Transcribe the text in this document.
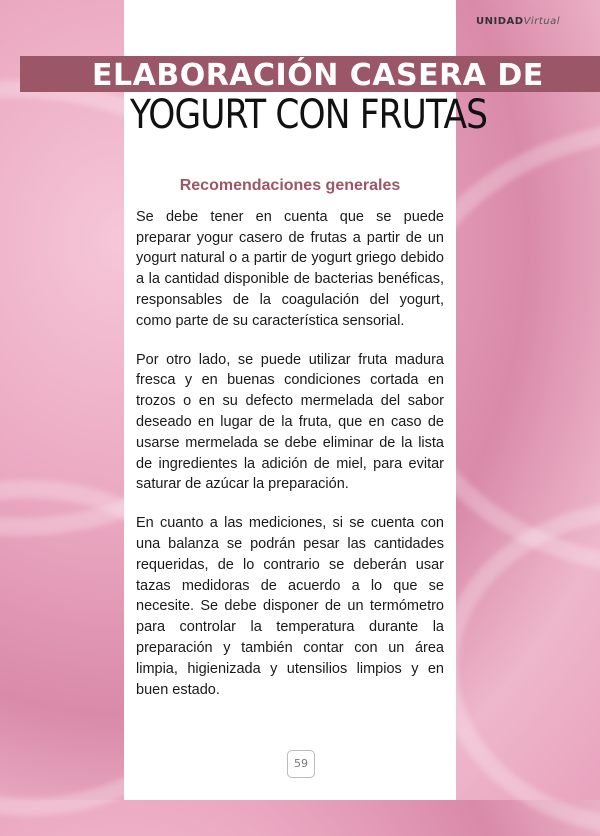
UNIDADVirtual
ELABORACIÓN CASERA DE
YOGURT CON FRUTAS
Recomendaciones generales

Se debe tener en cuenta que se puede preparar yogur casero de frutas a partir de un yogurt natural o a partir de yogurt griego debido a la cantidad disponible de bacterias benéficas, responsables de la coagulación del yogurt, como parte de su característica sensorial.

Por otro lado, se puede utilizar fruta madura fresca y en buenas condiciones cortada en trozos o en su defecto mermelada del sabor deseado en lugar de la fruta, que en caso de usarse mermelada se debe eliminar de la lista de ingredientes la adición de miel, para evitar saturar de azúcar la preparación.

En cuanto a las mediciones, si se cuenta con una balanza se podrán pesar las cantidades requeridas, de lo contrario se deberán usar tazas medidoras de acuerdo a lo que se necesite. Se debe disponer de un termómetro para controlar la temperatura durante la preparación y también contar con un área limpia, higienizada y utensilios limpios y en buen estado.

59
